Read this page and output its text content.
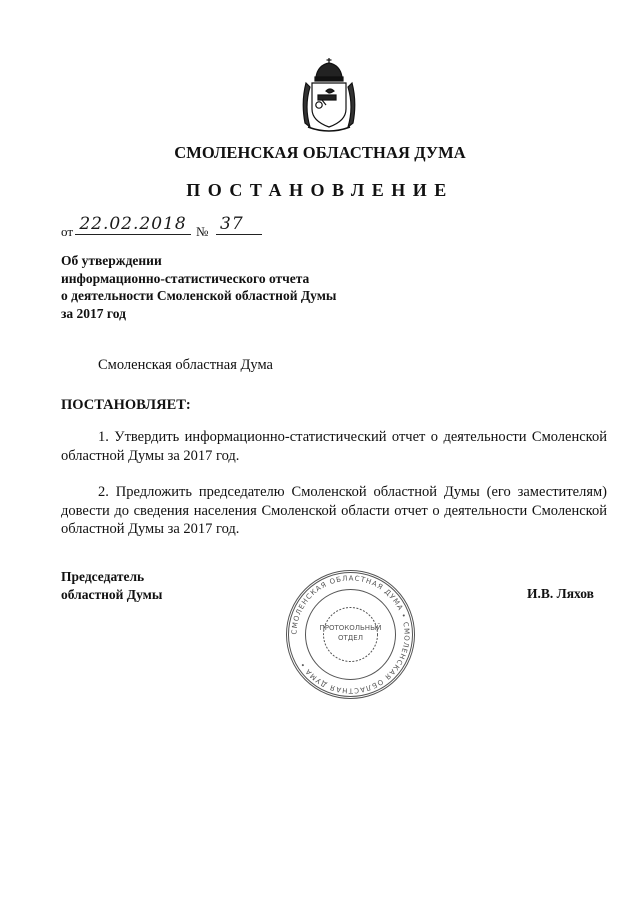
СМОЛЕНСКАЯ ОБЛАСТНАЯ ДУМА
ПОСТАНОВЛЕНИЕ
от 22.02.2018 № 37
Об утверждении
информационно-статистического отчета
о деятельности Смоленской областной Думы
за 2017 год
Смоленская областная Дума
ПОСТАНОВЛЯЕТ:
1. Утвердить информационно-статистический отчет о деятельности Смоленской областной Думы за 2017 год.
2. Предложить председателю Смоленской областной Думы (его заместителям) довести до сведения населения Смоленской области отчет о деятельности Смоленской областной Думы за 2017 год.
Председатель
областной Думы	И.В. Ляхов
СМОЛЕНСКАЯ ОБЛАСТНАЯ ДУМА • СМОЛЕНСКАЯ ОБЛАСТНАЯ ДУМА •
ПРОТОКОЛЬНЫЙ ОТДЕЛ
